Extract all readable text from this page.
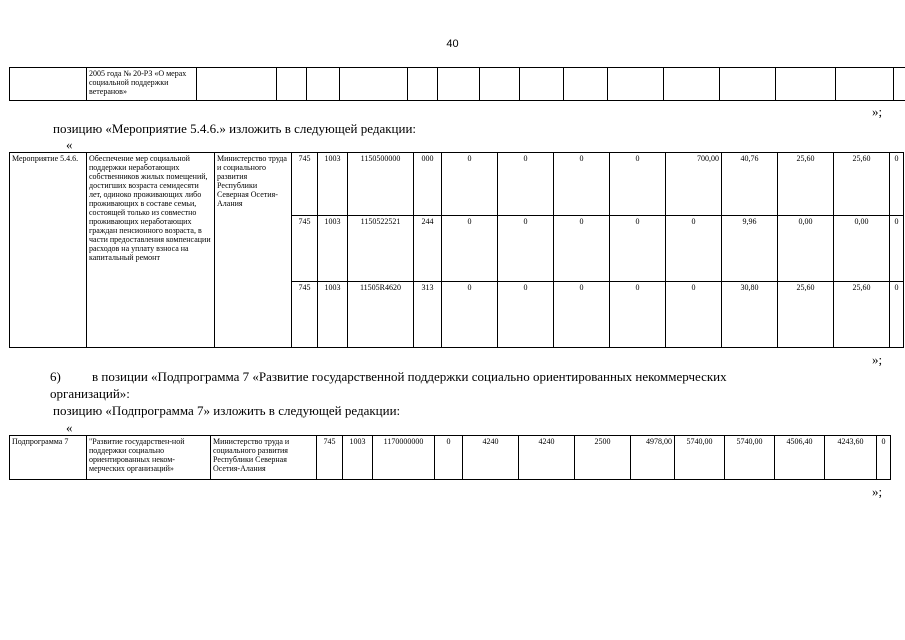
40
	2005 года № 20-РЗ «О мерах социальной поддержки ветеранов»															
»;
позицию «Мероприятие 5.4.6.» изложить в следующей редакции:
«
Мероприятие 5.4.6.	Обеспечение мер социальной поддержки неработающих собственников жилых помещений, достигших возраста семидесяти лет, одиноко проживающих либо проживающих в составе семьи, состоящей только из совместно проживающих неработающих граждан пенсионного возраста, в части предоставления компенсации расходов на уплату взноса на капитальный ремонт	Министерство труда и социального развития Республики Северная Осетия-Алания	745	1003	1150500000	000	0	0	0	0	700,00	40,76	25,60	25,60	0
			745	1003	1150522521	244	0	0	0	0	0	9,96	0,00	0,00	0
			745	1003	11505R4620	313	0	0	0	0	0	30,80	25,60	25,60	0
»;
6) в позиции «Подпрограмма 7 «Развитие государственной поддержки социально ориентированных некоммерческих
организаций»:
позицию «Подпрограмма 7» изложить в следующей редакции:
«
Подпрограмма 7	"Развитие государствен-ной поддержки социально ориентированных неком-мерческих организаций»	Министерство труда и социального развития Республики Северная Осетия-Алания	745	1003	1170000000	0	4240	4240	2500	4978,00	5740,00	5740,00	4506,40	4243,60	0
»;
